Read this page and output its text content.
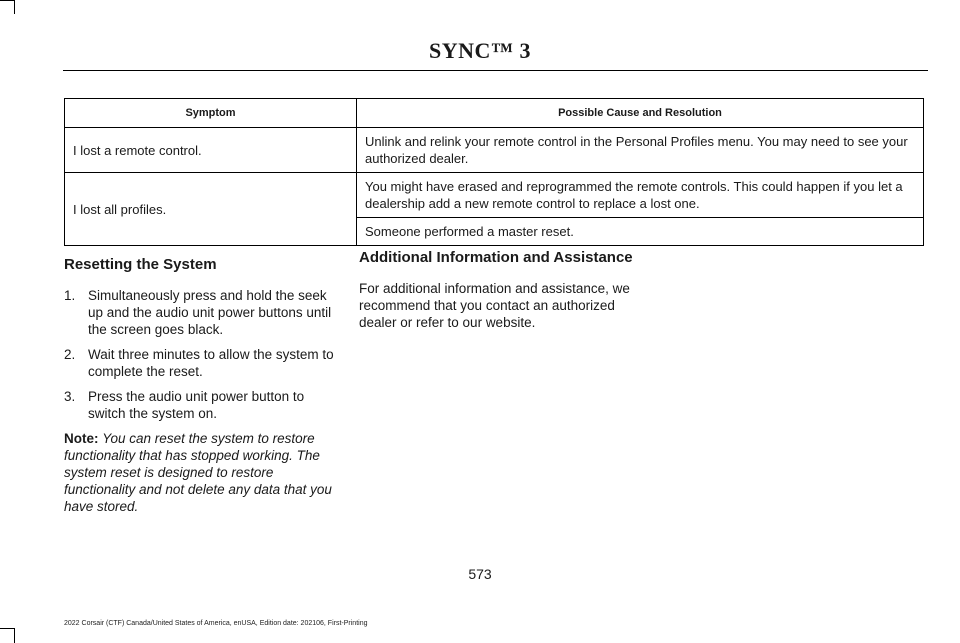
SYNC™ 3
Symptom	Possible Cause and Resolution
I lost a remote control.	Unlink and relink your remote control in the Personal Profiles menu. You may need to see your authorized dealer.
I lost all profiles.	You might have erased and reprogrammed the remote controls. This could happen if you let a dealership add a new remote control to replace a lost one.
	Someone performed a master reset.
Resetting the System
1. Simultaneously press and hold the seek up and the audio unit power buttons until the screen goes black.
2. Wait three minutes to allow the system to complete the reset.
3. Press the audio unit power button to switch the system on.

Note: You can reset the system to restore functionality that has stopped working. The system reset is designed to restore functionality and not delete any data that you have stored.

Additional Information and Assistance

For additional information and assistance, we recommend that you contact an authorized dealer or refer to our website.

573
2022 Corsair (CTF) Canada/United States of America, enUSA, Edition date: 202106, First-Printing
